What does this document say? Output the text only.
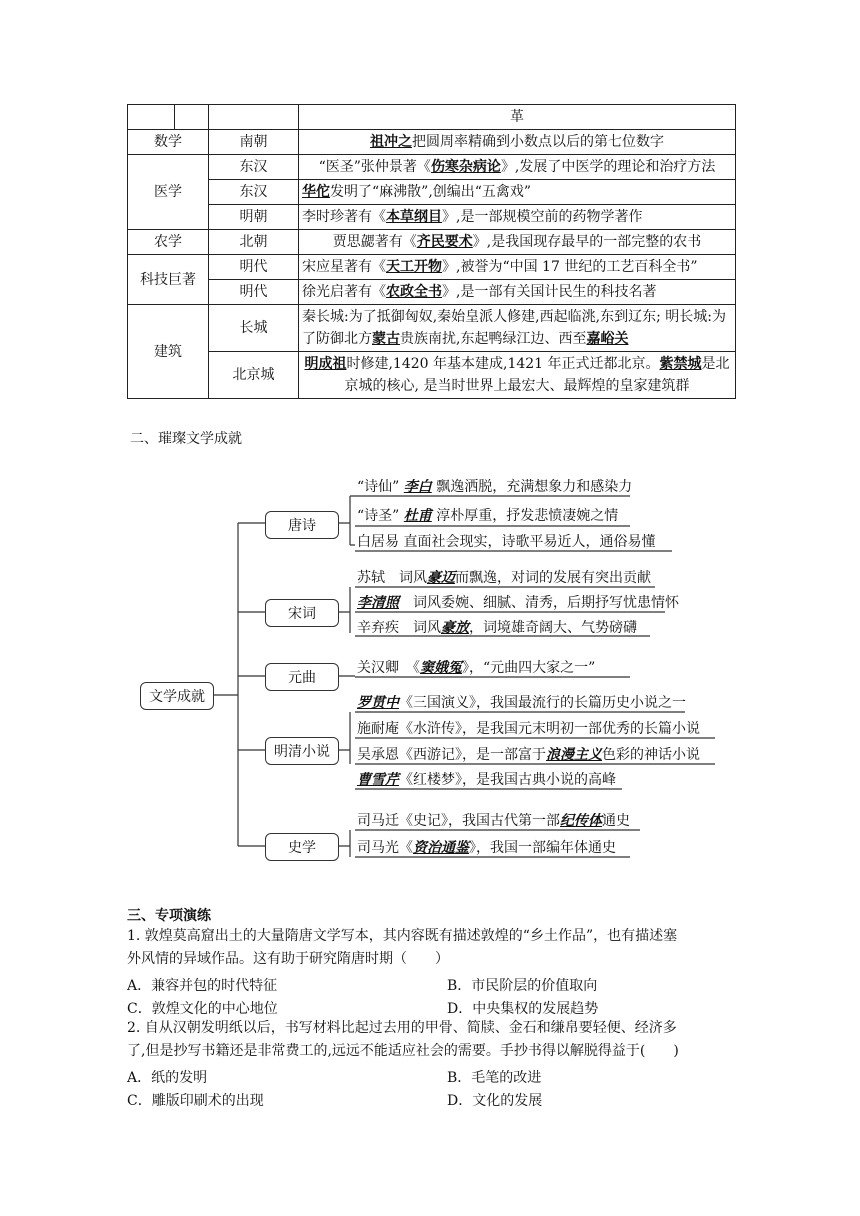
			革
数学		南朝	祖冲之把圆周率精确到小数点以后的第七位数字
医学		东汉	“医圣”张仲景著《伤寒杂病论》,发展了中医学的理论和治疗方法
		东汉	华佗发明了“麻沸散”,创编出“五禽戏”
		明朝	李时珍著有《本草纲目》,是一部规模空前的药物学著作
农学		北朝	贾思勰著有《齐民要术》,是我国现存最早的一部完整的农书
科技巨著		明代	宋应星著有《天工开物》,被誉为“中国 17 世纪的工艺百科全书”
		明代	徐光启著有《农政全书》,是一部有关国计民生的科技名著
建筑		长城	秦长城:为了抵御匈奴,秦始皇派人修建,西起临洮,东到辽东; 明长城:为了防御北方蒙古贵族南扰,东起鸭绿江边、西至嘉峪关
		北京城	明成祖时修建,1420 年基本建成,1421 年正式迁都北京。紫禁城是北京城的核心, 是当时世界上最宏大、最辉煌的皇家建筑群
二、璀璨文学成就
文学成就
唐诗
宋词
元曲
明清小说
史学
“诗仙” 李白 飘逸洒脱，充满想象力和感染力
“诗圣” 杜甫 淳朴厚重，抒发悲愤凄婉之情
白居易 直面社会现实，诗歌平易近人，通俗易懂
苏轼　词风豪迈而飘逸，对词的发展有突出贡献
李清照　词风委婉、细腻、清秀，后期抒写忧患情怀
辛弃疾　词风豪放，词境雄奇阔大、气势磅礴
关汉卿　《窦娥冤》，“元曲四大家之一”
罗贯中《三国演义》，我国最流行的长篇历史小说之一
施耐庵《水浒传》，是我国元末明初一部优秀的长篇小说
吴承恩《西游记》，是一部富于浪漫主义色彩的神话小说
曹雪芹《红楼梦》，是我国古典小说的高峰
司马迁《史记》，我国古代第一部纪传体通史
司马光《资治通鉴》，我国一部编年体通史
三、专项演练
1. 敦煌莫高窟出土的大量隋唐文学写本，其内容既有描述敦煌的“乡土作品”，也有描述塞
外风情的异域作品。这有助于研究隋唐时期（　　）
A．兼容并包的时代特征	B．市民阶层的价值取向
C．敦煌文化的中心地位	D．中央集权的发展趋势
2. 自从汉朝发明纸以后，书写材料比起过去用的甲骨、简牍、金石和缣帛要轻便、经济多
了,但是抄写书籍还是非常费工的,远远不能适应社会的需要。手抄书得以解脱得益于(　　)
A．纸的发明	B．毛笔的改进
C．雕版印刷术的出现	D．文化的发展
